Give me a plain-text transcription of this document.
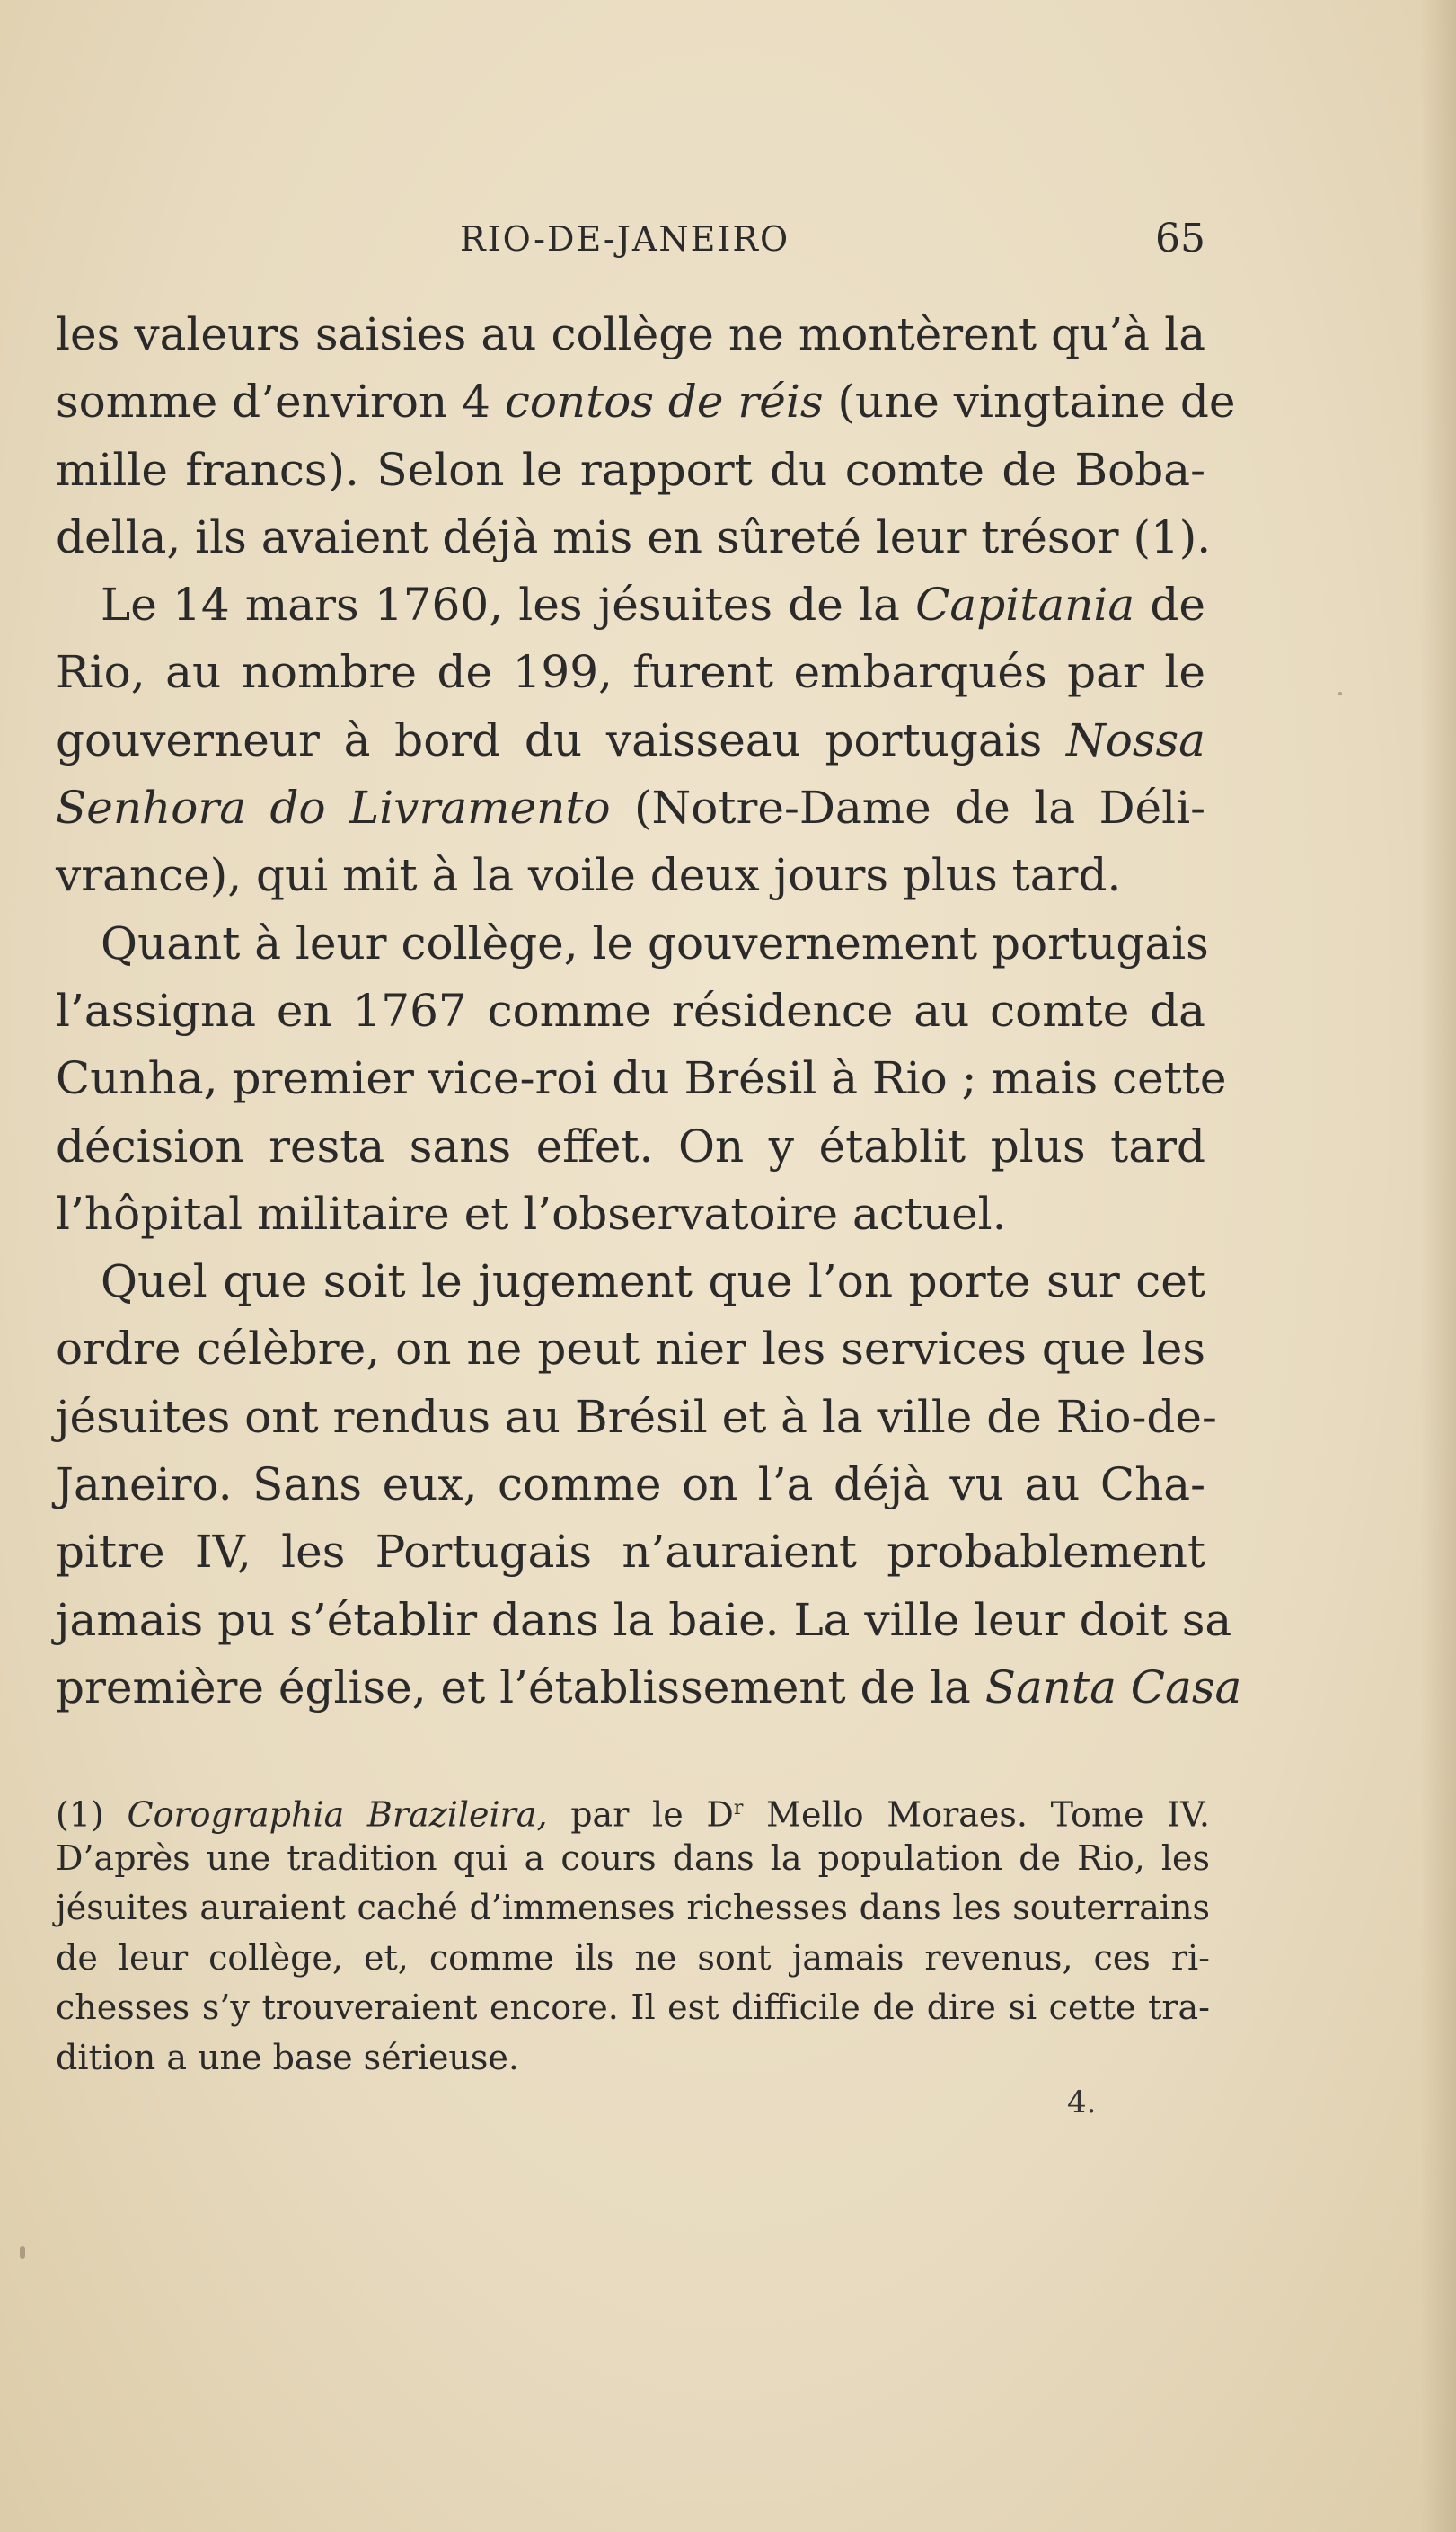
RIO-DE-JANEIRO	65
les valeurs saisies au collège ne montèrent qu’à la
somme d’environ 4 contos de réis (une vingtaine de
mille francs). Selon le rapport du comte de Boba-
della, ils avaient déjà mis en sûreté leur trésor (1).
Le 14 mars 1760, les jésuites de la Capitania de
Rio, au nombre de 199, furent embarqués par le
gouverneur à bord du vaisseau portugais Nossa
Senhora do Livramento (Notre-Dame de la Déli-
vrance), qui mit à la voile deux jours plus tard.
Quant à leur collège, le gouvernement portugais
l’assigna en 1767 comme résidence au comte da
Cunha, premier vice-roi du Brésil à Rio ; mais cette
décision resta sans effet. On y établit plus tard
l’hôpital militaire et l’observatoire actuel.
Quel que soit le jugement que l’on porte sur cet
ordre célèbre, on ne peut nier les services que les
jésuites ont rendus au Brésil et à la ville de Rio-de-
Janeiro. Sans eux, comme on l’a déjà vu au Cha-
pitre IV, les Portugais n’auraient probablement
jamais pu s’établir dans la baie. La ville leur doit sa
première église, et l’établissement de la Santa Casa
(1) Corographia Brazileira, par le $D^r$ Mello Moraes. Tome IV.
D’après une tradition qui a cours dans la population de Rio, les
jésuites auraient caché d’immenses richesses dans les souterrains
de leur collège, et, comme ils ne sont jamais revenus, ces ri-
chesses s’y trouveraient encore. Il est difficile de dire si cette tra-
dition a une base sérieuse.
4.
